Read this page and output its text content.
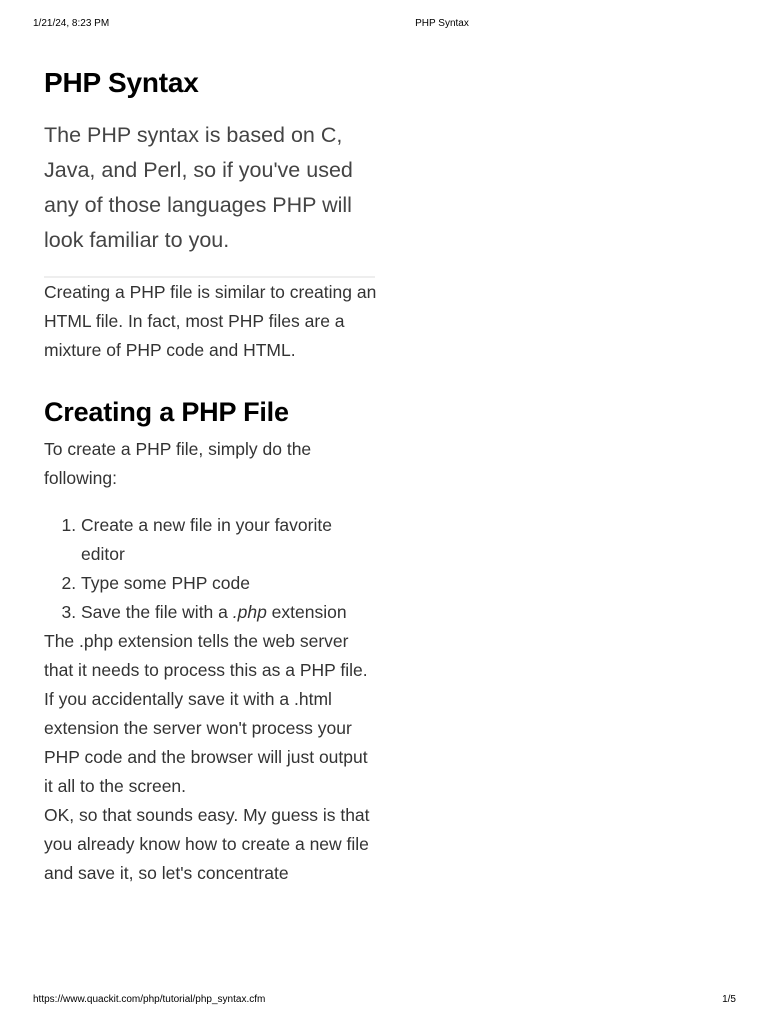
1/21/24, 8:23 PM	PHP Syntax
PHP Syntax

The PHP syntax is based on C, Java, and Perl, so if you've used any of those languages PHP will look familiar to you.

Creating a PHP file is similar to creating an HTML file. In fact, most PHP files are a mixture of PHP code and HTML.

Creating a PHP File

To create a PHP file, simply do the following:

1. Create a new file in your favorite editor
2. Type some PHP code
3. Save the file with a .php extension

The .php extension tells the web server that it needs to process this as a PHP file. If you accidentally save it with a .html extension the server won't process your PHP code and the browser will just output it all to the screen.

OK, so that sounds easy. My guess is that you already know how to create a new file and save it, so let's concentrate

https://www.quackit.com/php/tutorial/php_syntax.cfm	1/5
